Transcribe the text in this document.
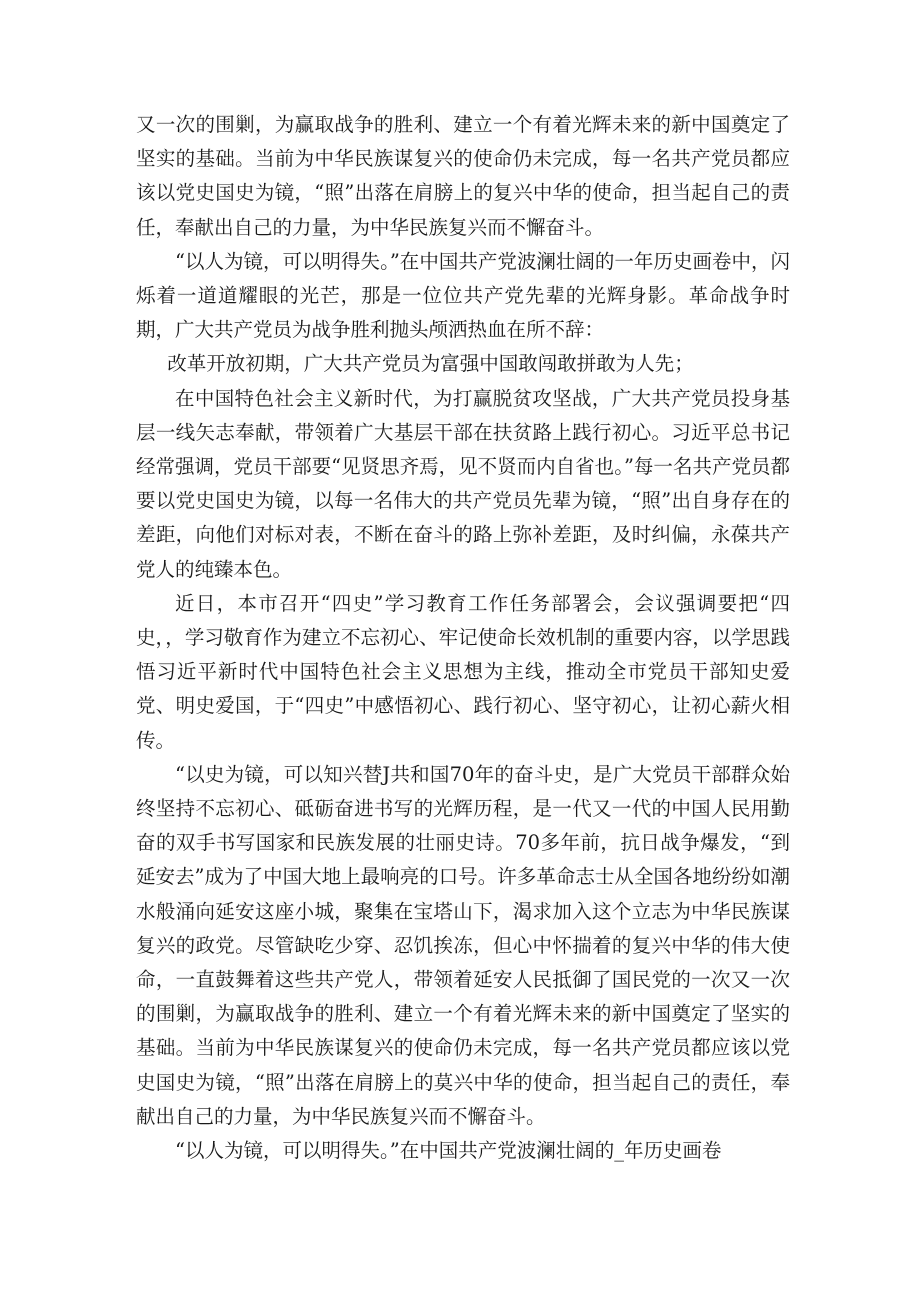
又一次的围剿，为赢取战争的胜利、建立一个有着光辉未来的新中国奠定了坚实的基础。当前为中华民族谋复兴的使命仍未完成，每一名共产党员都应该以党史国史为镜，“照”出落在肩膀上的复兴中华的使命，担当起自己的责任，奉献出自己的力量，为中华民族复兴而不懈奋斗。

“以人为镜，可以明得失。”在中国共产党波澜壮阔的一年历史画卷中，闪烁着一道道耀眼的光芒，那是一位位共产党先辈的光辉身影。革命战争时期，广大共产党员为战争胜利抛头颅洒热血在所不辞：

改革开放初期，广大共产党员为富强中国敢闯敢拼敢为人先；

在中国特色社会主义新时代，为打赢脱贫攻坚战，广大共产党员投身基层一线矢志奉献，带领着广大基层干部在扶贫路上践行初心。习近平总书记经常强调，党员干部要“见贤思齐焉，见不贤而内自省也。”每一名共产党员都要以党史国史为镜，以每一名伟大的共产党员先辈为镜，“照”出自身存在的差距，向他们对标对表，不断在奋斗的路上弥补差距，及时纠偏，永葆共产党人的纯臻本色。

近日，本市召开“四史”学习教育工作任务部署会，会议强调要把“四史，，学习敬育作为建立不忘初心、牢记使命长效机制的重要内容，以学思践悟习近平新时代中国特色社会主义思想为主线，推动全市党员干部知史爱党、明史爱国，于“四史”中感悟初心、践行初心、坚守初心，让初心薪火相传。

“以史为镜，可以知兴替J共和国70年的奋斗史，是广大党员干部群众始终坚持不忘初心、砥砺奋进书写的光辉历程，是一代又一代的中国人民用勤奋的双手书写国家和民族发展的壮丽史诗。70多年前，抗日战争爆发，“到延安去”成为了中国大地上最响亮的口号。许多革命志士从全国各地纷纷如潮水般涌向延安这座小城，聚集在宝塔山下，渴求加入这个立志为中华民族谋复兴的政党。尽管缺吃少穿、忍饥挨冻，但心中怀揣着的复兴中华的伟大使命，一直鼓舞着这些共产党人，带领着延安人民抵御了国民党的一次又一次的围剿，为赢取战争的胜利、建立一个有着光辉未来的新中国奠定了坚实的基础。当前为中华民族谋复兴的使命仍未完成，每一名共产党员都应该以党史国史为镜，“照”出落在肩膀上的莫兴中华的使命，担当起自己的责任，奉献出自己的力量，为中华民族复兴而不懈奋斗。

“以人为镜，可以明得失。”在中国共产党波澜壮阔的_年历史画卷
